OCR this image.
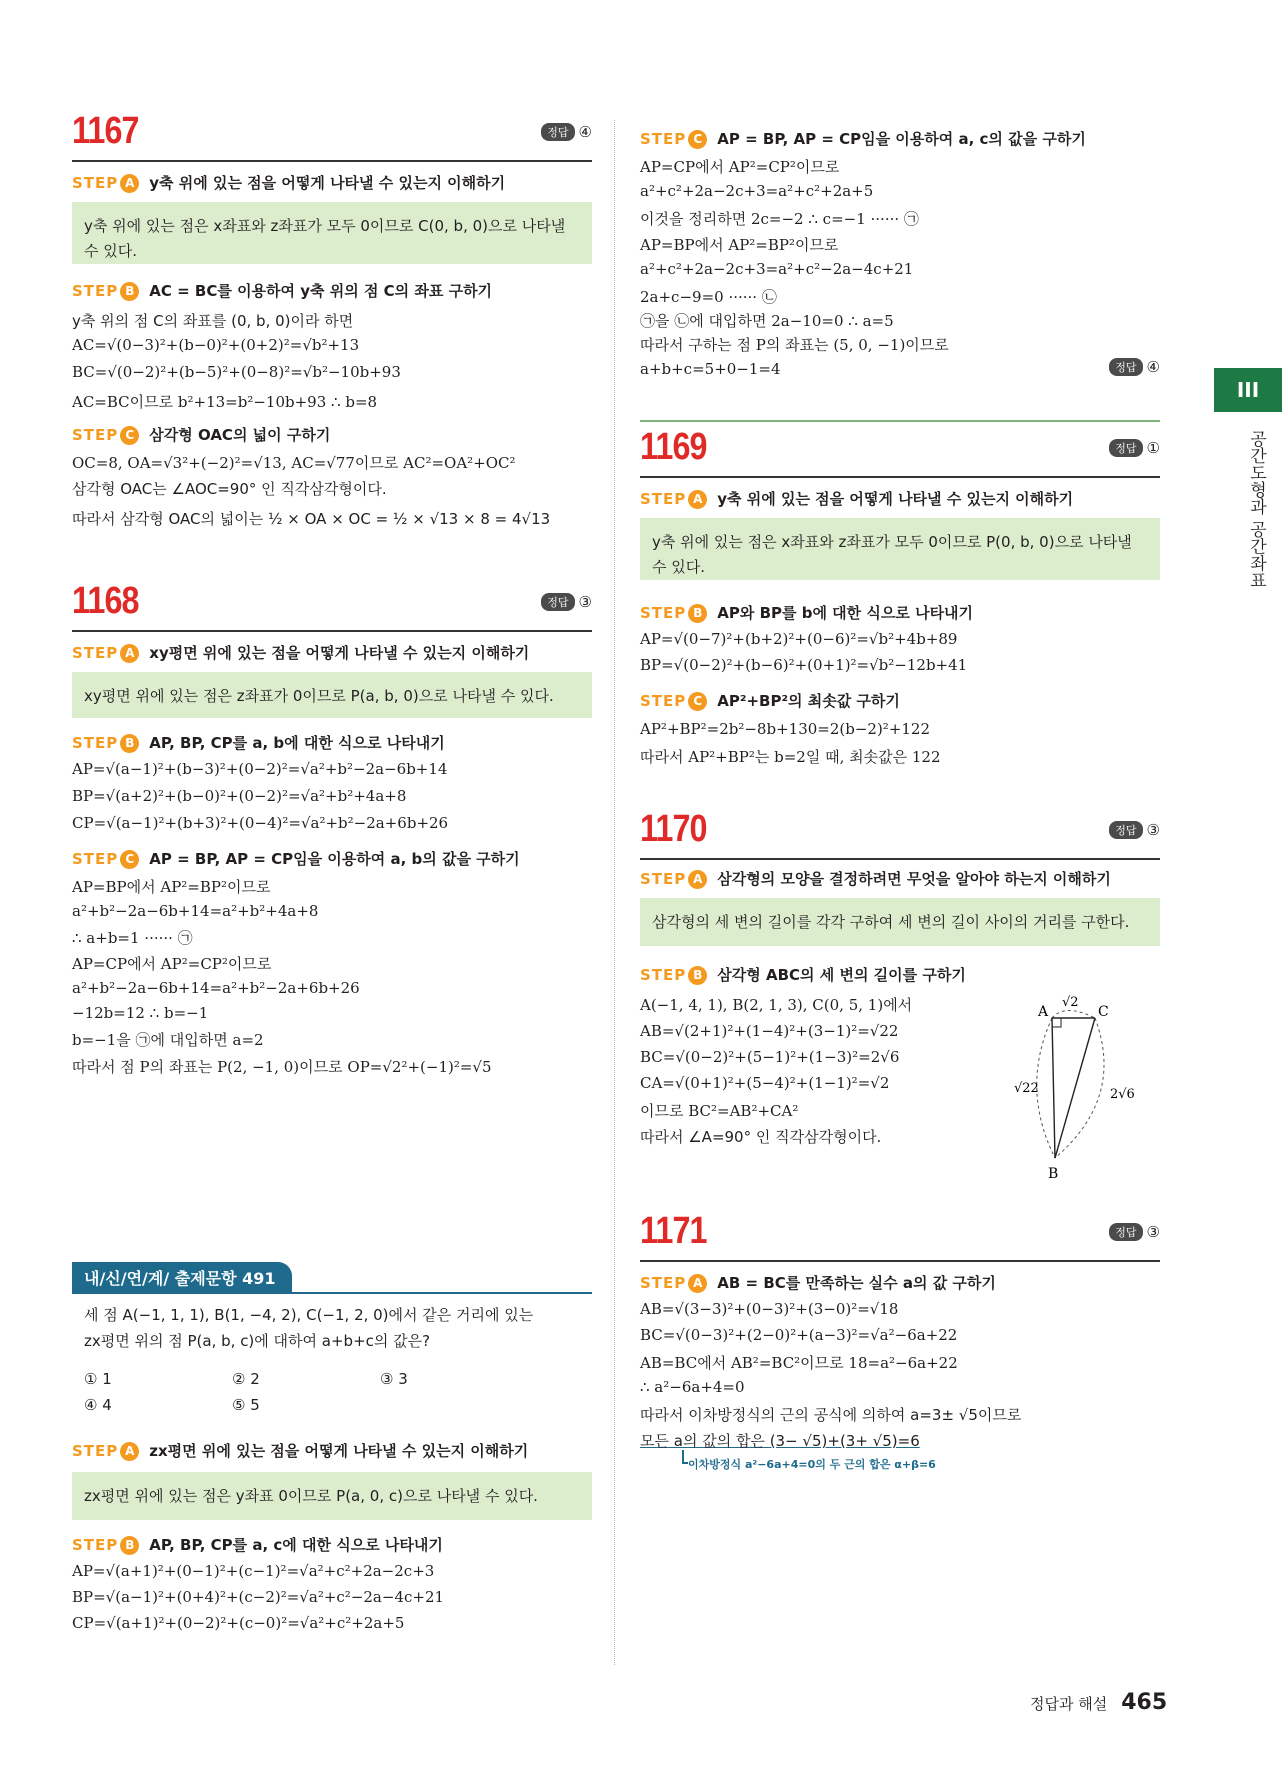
1167	정답 ④
STEP A y축 위에 있는 점을 어떻게 나타낼 수 있는지 이해하기
y축 위에 있는 점은 x좌표와 z좌표가 모두 0이므로 C(0, b, 0)으로 나타낼 수 있다.
STEP B AC = BC를 이용하여 y축 위의 점 C의 좌표 구하기
y축 위의 점 C의 좌표를 (0, b, 0)이라 하면
AC=√(0−3)²+(b−0)²+(0+2)²=√b²+13
BC=√(0−2)²+(b−5)²+(0−8)²=√b²−10b+93
AC=BC이므로 b²+13=b²−10b+93 ∴ b=8
STEP C 삼각형 OAC의 넓이 구하기
OC=8, OA=√3²+(−2)²=√13, AC=√77이므로 AC²=OA²+OC²
삼각형 OAC는 ∠AOC=90° 인 직각삼각형이다.
따라서 삼각형 OAC의 넓이는 ½ × OA × OC = ½ × √13 × 8 = 4√13
1168	정답 ③
STEP A xy평면 위에 있는 점을 어떻게 나타낼 수 있는지 이해하기
xy평면 위에 있는 점은 z좌표가 0이므로 P(a, b, 0)으로 나타낼 수 있다.
STEP B AP, BP, CP를 a, b에 대한 식으로 나타내기
AP=√(a−1)²+(b−3)²+(0−2)²=√a²+b²−2a−6b+14
BP=√(a+2)²+(b−0)²+(0−2)²=√a²+b²+4a+8
CP=√(a−1)²+(b+3)²+(0−4)²=√a²+b²−2a+6b+26
STEP C AP = BP, AP = CP임을 이용하여 a, b의 값을 구하기
AP=BP에서 AP²=BP²이므로
a²+b²−2a−6b+14=a²+b²+4a+8
∴ a+b=1 ······ ㉠
AP=CP에서 AP²=CP²이므로
a²+b²−2a−6b+14=a²+b²−2a+6b+26
−12b=12 ∴ b=−1
b=−1을 ㉠에 대입하면 a=2
따라서 점 P의 좌표는 P(2, −1, 0)이므로 OP=√2²+(−1)²=√5
내/신/연/계/ 출제문항 491
세 점 A(−1, 1, 1), B(1, −4, 2), C(−1, 2, 0)에서 같은 거리에 있는
zx평면 위의 점 P(a, b, c)에 대하여 a+b+c의 값은?
① 1	② 2	③ 3
④ 4	⑤ 5
STEP A zx평면 위에 있는 점을 어떻게 나타낼 수 있는지 이해하기
zx평면 위에 있는 점은 y좌표 0이므로 P(a, 0, c)으로 나타낼 수 있다.
STEP B AP, BP, CP를 a, c에 대한 식으로 나타내기
AP=√(a+1)²+(0−1)²+(c−1)²=√a²+c²+2a−2c+3
BP=√(a−1)²+(0+4)²+(c−2)²=√a²+c²−2a−4c+21
CP=√(a+1)²+(0−2)²+(c−0)²=√a²+c²+2a+5
STEP C AP = BP, AP = CP임을 이용하여 a, c의 값을 구하기
AP=CP에서 AP²=CP²이므로
a²+c²+2a−2c+3=a²+c²+2a+5
이것을 정리하면 2c=−2 ∴ c=−1 ······ ㉠
AP=BP에서 AP²=BP²이므로
a²+c²+2a−2c+3=a²+c²−2a−4c+21
2a+c−9=0 ······ ㉡
㉠을 ㉡에 대입하면 2a−10=0 ∴ a=5
따라서 구하는 점 P의 좌표는 (5, 0, −1)이므로
a+b+c=5+0−1=4	정답 ④
1169	정답 ①
STEP A y축 위에 있는 점을 어떻게 나타낼 수 있는지 이해하기
y축 위에 있는 점은 x좌표와 z좌표가 모두 0이므로 P(0, b, 0)으로 나타낼 수 있다.
STEP B AP와 BP를 b에 대한 식으로 나타내기
AP=√(0−7)²+(b+2)²+(0−6)²=√b²+4b+89
BP=√(0−2)²+(b−6)²+(0+1)²=√b²−12b+41
STEP C AP²+BP²의 최솟값 구하기
AP²+BP²=2b²−8b+130=2(b−2)²+122
따라서 AP²+BP²는 b=2일 때, 최솟값은 122
1170	정답 ③
STEP A 삼각형의 모양을 결정하려면 무엇을 알아야 하는지 이해하기
삼각형의 세 변의 길이를 각각 구하여 세 변의 길이 사이의 거리를 구한다.
STEP B 삼각형 ABC의 세 변의 길이를 구하기
A(−1, 4, 1), B(2, 1, 3), C(0, 5, 1)에서
AB=√(2+1)²+(1−4)²+(3−1)²=√22
BC=√(0−2)²+(5−1)²+(1−3)²=2√6
CA=√(0+1)²+(5−4)²+(1−1)²=√2
이므로 BC²=AB²+CA²
따라서 ∠A=90° 인 직각삼각형이다.
A	C
B
√2
√22	2√6
1171	정답 ③
STEP A AB = BC를 만족하는 실수 a의 값 구하기
AB=√(3−3)²+(0−3)²+(3−0)²=√18
BC=√(0−3)²+(2−0)²+(a−3)²=√a²−6a+22
AB=BC에서 AB²=BC²이므로 18=a²−6a+22
∴ a²−6a+4=0
따라서 이차방정식의 근의 공식에 의하여 a=3± √5이므로
모든 a의 값의 합은 (3− √5)+(3+ √5)=6
이차방정식 a²−6a+4=0의 두 근의 합은 α+β=6
III
공간도형과 공간좌표
정답과 해설 465
